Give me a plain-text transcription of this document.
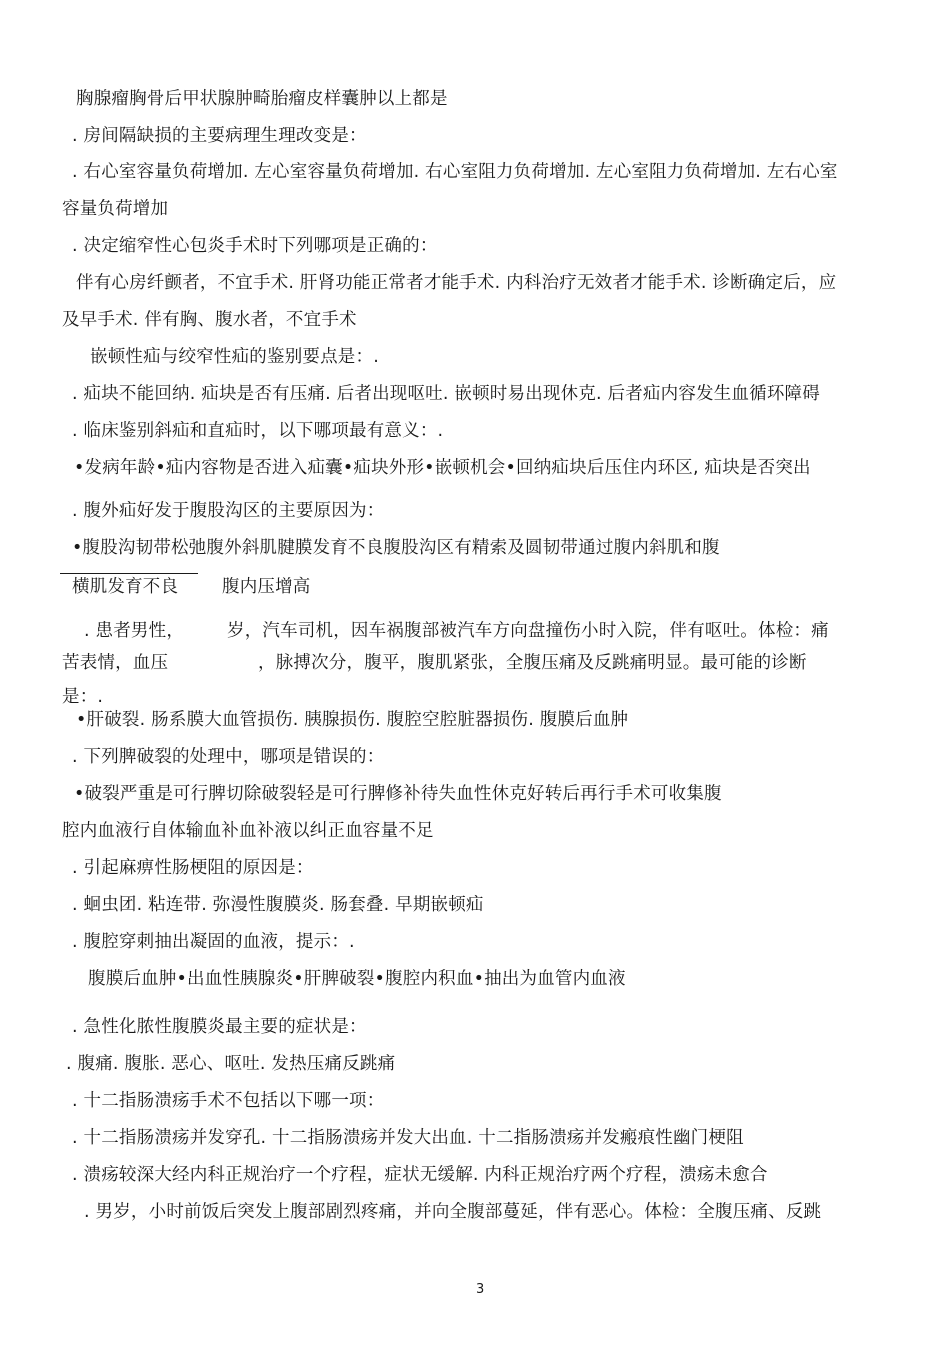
胸腺瘤胸骨后甲状腺肿畸胎瘤皮样囊肿以上都是
. 房间隔缺损的主要病理生理改变是：
. 右心室容量负荷增加. 左心室容量负荷增加. 右心室阻力负荷增加. 左心室阻力负荷增加. 左右心室
容量负荷增加
. 决定缩窄性心包炎手术时下列哪项是正确的：
伴有心房纤颤者，不宜手术. 肝肾功能正常者才能手术. 内科治疗无效者才能手术. 诊断确定后，应
及早手术. 伴有胸、腹水者，不宜手术
嵌顿性疝与绞窄性疝的鉴别要点是：.
. 疝块不能回纳. 疝块是否有压痛. 后者出现呕吐. 嵌顿时易出现休克. 后者疝内容发生血循环障碍
. 临床鉴别斜疝和直疝时，以下哪项最有意义：.
•发病年龄•疝内容物是否进入疝囊•疝块外形•嵌顿机会•回纳疝块后压住内环区, 疝块是否突出
. 腹外疝好发于腹股沟区的主要原因为：
•腹股沟韧带松弛腹外斜肌腱膜发育不良腹股沟区有精索及圆韧带通过腹内斜肌和腹
横肌发育不良	腹内压增高
. 患者男性， 岁，汽车司机，因车祸腹部被汽车方向盘撞伤小时入院，伴有呕吐。体检：痛
苦表情，血压	，脉搏次分，腹平，腹肌紧张，全腹压痛及反跳痛明显。最可能的诊断
是：.
•肝破裂. 肠系膜大血管损伤. 胰腺损伤. 腹腔空腔脏器损伤. 腹膜后血肿
. 下列脾破裂的处理中，哪项是错误的：
•破裂严重是可行脾切除破裂轻是可行脾修补待失血性休克好转后再行手术可收集腹
腔内血液行自体输血补血补液以纠正血容量不足
. 引起麻痹性肠梗阻的原因是：
. 蛔虫团. 粘连带. 弥漫性腹膜炎. 肠套叠. 早期嵌顿疝
. 腹腔穿刺抽出凝固的血液，提示：.
腹膜后血肿•出血性胰腺炎•肝脾破裂•腹腔内积血•抽出为血管内血液
. 急性化脓性腹膜炎最主要的症状是：
. 腹痛. 腹胀. 恶心、呕吐. 发热压痛反跳痛
. 十二指肠溃疡手术不包括以下哪一项：
. 十二指肠溃疡并发穿孔. 十二指肠溃疡并发大出血. 十二指肠溃疡并发瘢痕性幽门梗阻
. 溃疡较深大经内科正规治疗一个疗程，症状无缓解. 内科正规治疗两个疗程，溃疡未愈合
. 男岁，小时前饭后突发上腹部剧烈疼痛，并向全腹部蔓延，伴有恶心。体检：全腹压痛、反跳
3
